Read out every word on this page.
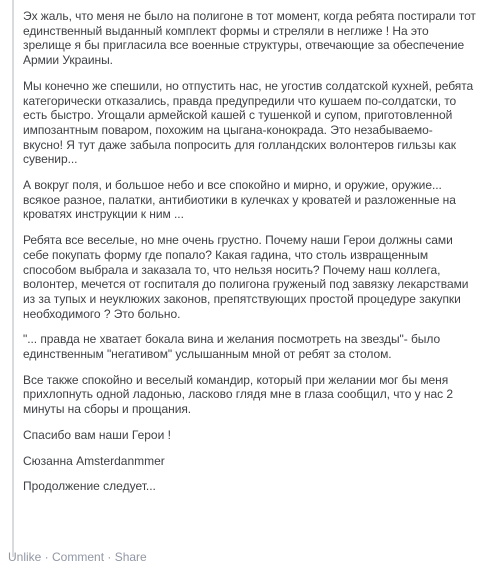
Эх жаль, что меня не было на полигоне в тот момент, когда ребята постирали тот
единственный выданный комплект формы и стреляли в неглиже ! На это
зрелище я бы пригласила все военные структуры, отвечающие за обеспечение
Армии Украины.
Мы конечно же спешили, но отпустить нас, не угостив солдатской кухней, ребята
категорически отказались, правда предупредили что кушаем по-солдатски, то
есть быстро. Угощали армейской кашей с тушенкой и супом, приготовленной
импозантным поваром, похожим на цыгана-конокрада. Это незабываемо-
вкусно! Я тут даже забыла попросить для голландских волонтеров гильзы как
сувенир...
А вокруг поля, и большое небо и все спокойно и мирно, и оружие, оружие...
всякое разное, палатки, антибиотики в кулечках у кроватей и разложенные на
кроватях инструкции к ним ...
Ребята все веселые, но мне очень грустно. Почему наши Герои должны сами
себе покупать форму где попало? Какая гадина, что столь извращенным
способом выбрала и заказала то, что нельзя носить? Почему наш коллега,
волонтер, мечется от госпиталя до полигона груженый под завязку лекарствами
из за тупых и неуклюжих законов, препятствующих простой процедуре закупки
необходимого ? Это больно.
"... правда не хватает бокала вина и желания посмотреть на звезды"- было
единственным "негативом" услышанным мной от ребят за столом.
Все также спокойно и веселый командир, который при желании мог бы меня
прихлопнуть одной ладонью, ласково глядя мне в глаза сообщил, что у нас 2
минуты на сборы и прощания.
Спасибо вам наши Герои !
Сюзанна Amsterdanmmer
Продолжение следует...
Unlike · Comment · Share
